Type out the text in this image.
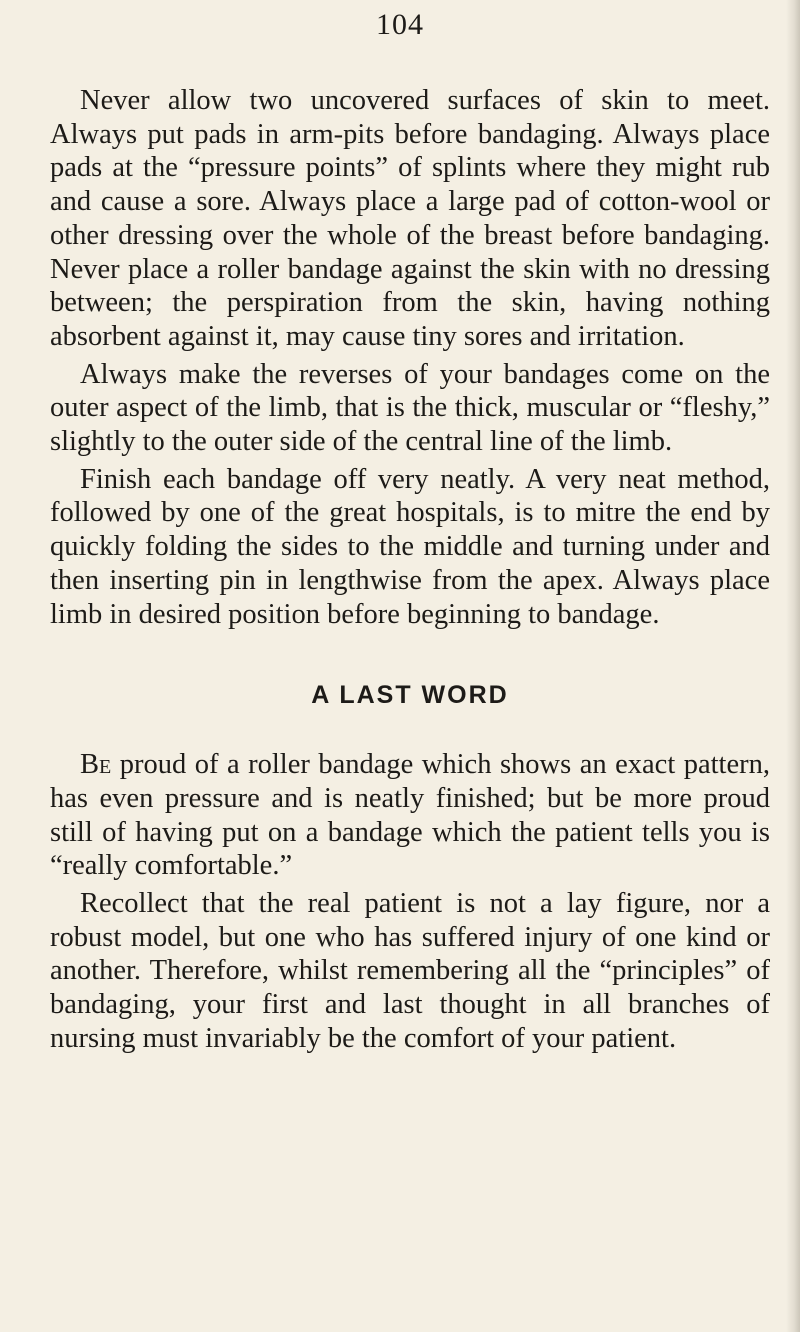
104

Never allow two uncovered surfaces of skin to meet. Always put pads in arm-pits before bandaging. Always place pads at the “pressure points” of splints where they might rub and cause a sore. Always place a large pad of cotton-wool or other dressing over the whole of the breast before bandaging. Never place a roller bandage against the skin with no dressing between; the perspiration from the skin, having nothing absorbent against it, may cause tiny sores and irritation.

Always make the reverses of your bandages come on the outer aspect of the limb, that is the thick, muscular or “fleshy,” slightly to the outer side of the central line of the limb.

Finish each bandage off very neatly. A very neat method, followed by one of the great hospitals, is to mitre the end by quickly folding the sides to the middle and turning under and then inserting pin in lengthwise from the apex. Always place limb in desired position before beginning to bandage.

A LAST WORD

Be proud of a roller bandage which shows an exact pattern, has even pressure and is neatly finished; but be more proud still of having put on a bandage which the patient tells you is “really comfortable.”

Recollect that the real patient is not a lay figure, nor a robust model, but one who has suffered injury of one kind or another. Therefore, whilst remembering all the “principles” of bandaging, your first and last thought in all branches of nursing must invariably be the comfort of your patient.
